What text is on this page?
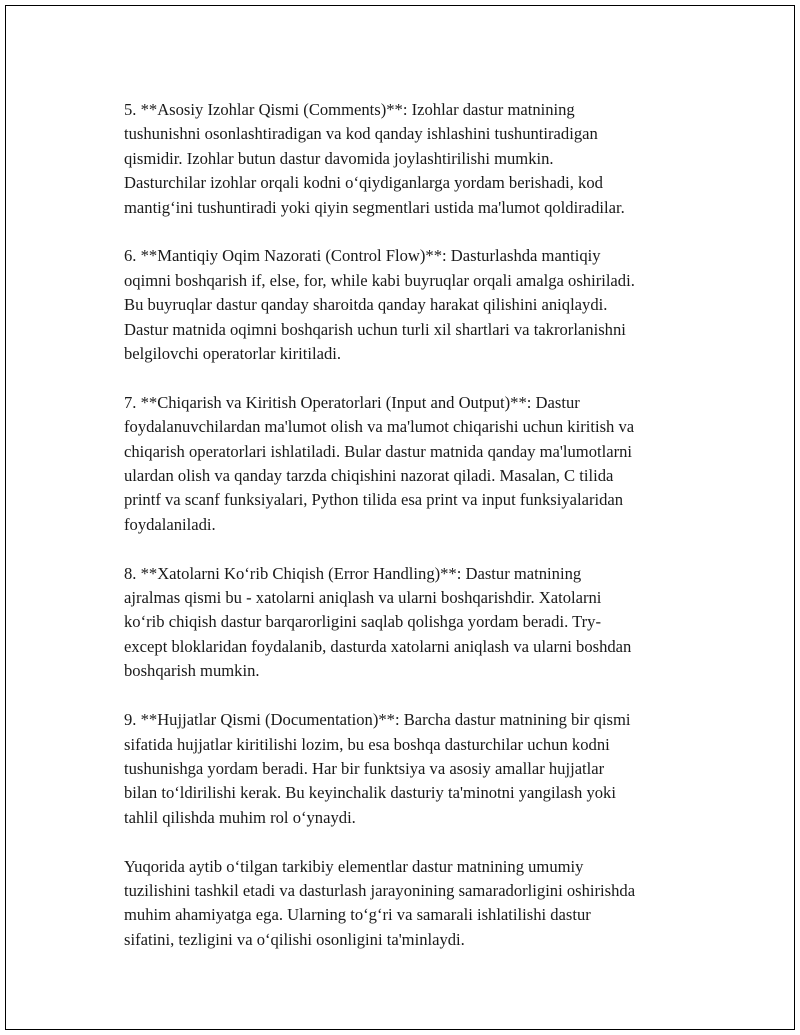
5. **Asosiy Izohlar Qismi (Comments)**: Izohlar dastur matnining
tushunishni osonlashtiradigan va kod qanday ishlashini tushuntiradigan
qismidir. Izohlar butun dastur davomida joylashtirilishi mumkin.
Dasturchilar izohlar orqali kodni oʻqiydiganlarga yordam berishadi, kod
mantigʻini tushuntiradi yoki qiyin segmentlari ustida ma'lumot qoldiradilar.

6. **Mantiqiy Oqim Nazorati (Control Flow)**: Dasturlashda mantiqiy
oqimni boshqarish if, else, for, while kabi buyruqlar orqali amalga oshiriladi.
Bu buyruqlar dastur qanday sharoitda qanday harakat qilishini aniqlaydi.
Dastur matnida oqimni boshqarish uchun turli xil shartlari va takrorlanishni
belgilovchi operatorlar kiritiladi.

7. **Chiqarish va Kiritish Operatorlari (Input and Output)**: Dastur
foydalanuvchilardan ma'lumot olish va ma'lumot chiqarishi uchun kiritish va
chiqarish operatorlari ishlatiladi. Bular dastur matnida qanday ma'lumotlarni
ulardan olish va qanday tarzda chiqishini nazorat qiladi. Masalan, C tilida
printf va scanf funksiyalari, Python tilida esa print va input funksiyalaridan
foydalaniladi.

8. **Xatolarni Koʻrib Chiqish (Error Handling)**: Dastur matnining
ajralmas qismi bu - xatolarni aniqlash va ularni boshqarishdir. Xatolarni
koʻrib chiqish dastur barqarorligini saqlab qolishga yordam beradi. Try-
except bloklaridan foydalanib, dasturda xatolarni aniqlash va ularni boshdan
boshqarish mumkin.

9. **Hujjatlar Qismi (Documentation)**: Barcha dastur matnining bir qismi
sifatida hujjatlar kiritilishi lozim, bu esa boshqa dasturchilar uchun kodni
tushunishga yordam beradi. Har bir funktsiya va asosiy amallar hujjatlar
bilan toʻldirilishi kerak. Bu keyinchalik dasturiy ta'minotni yangilash yoki
tahlil qilishda muhim rol oʻynaydi.

Yuqorida aytib oʻtilgan tarkibiy elementlar dastur matnining umumiy
tuzilishini tashkil etadi va dasturlash jarayonining samaradorligini oshirishda
muhim ahamiyatga ega. Ularning toʻgʻri va samarali ishlatilishi dastur
sifatini, tezligini va oʻqilishi osonligini ta'minlaydi.
